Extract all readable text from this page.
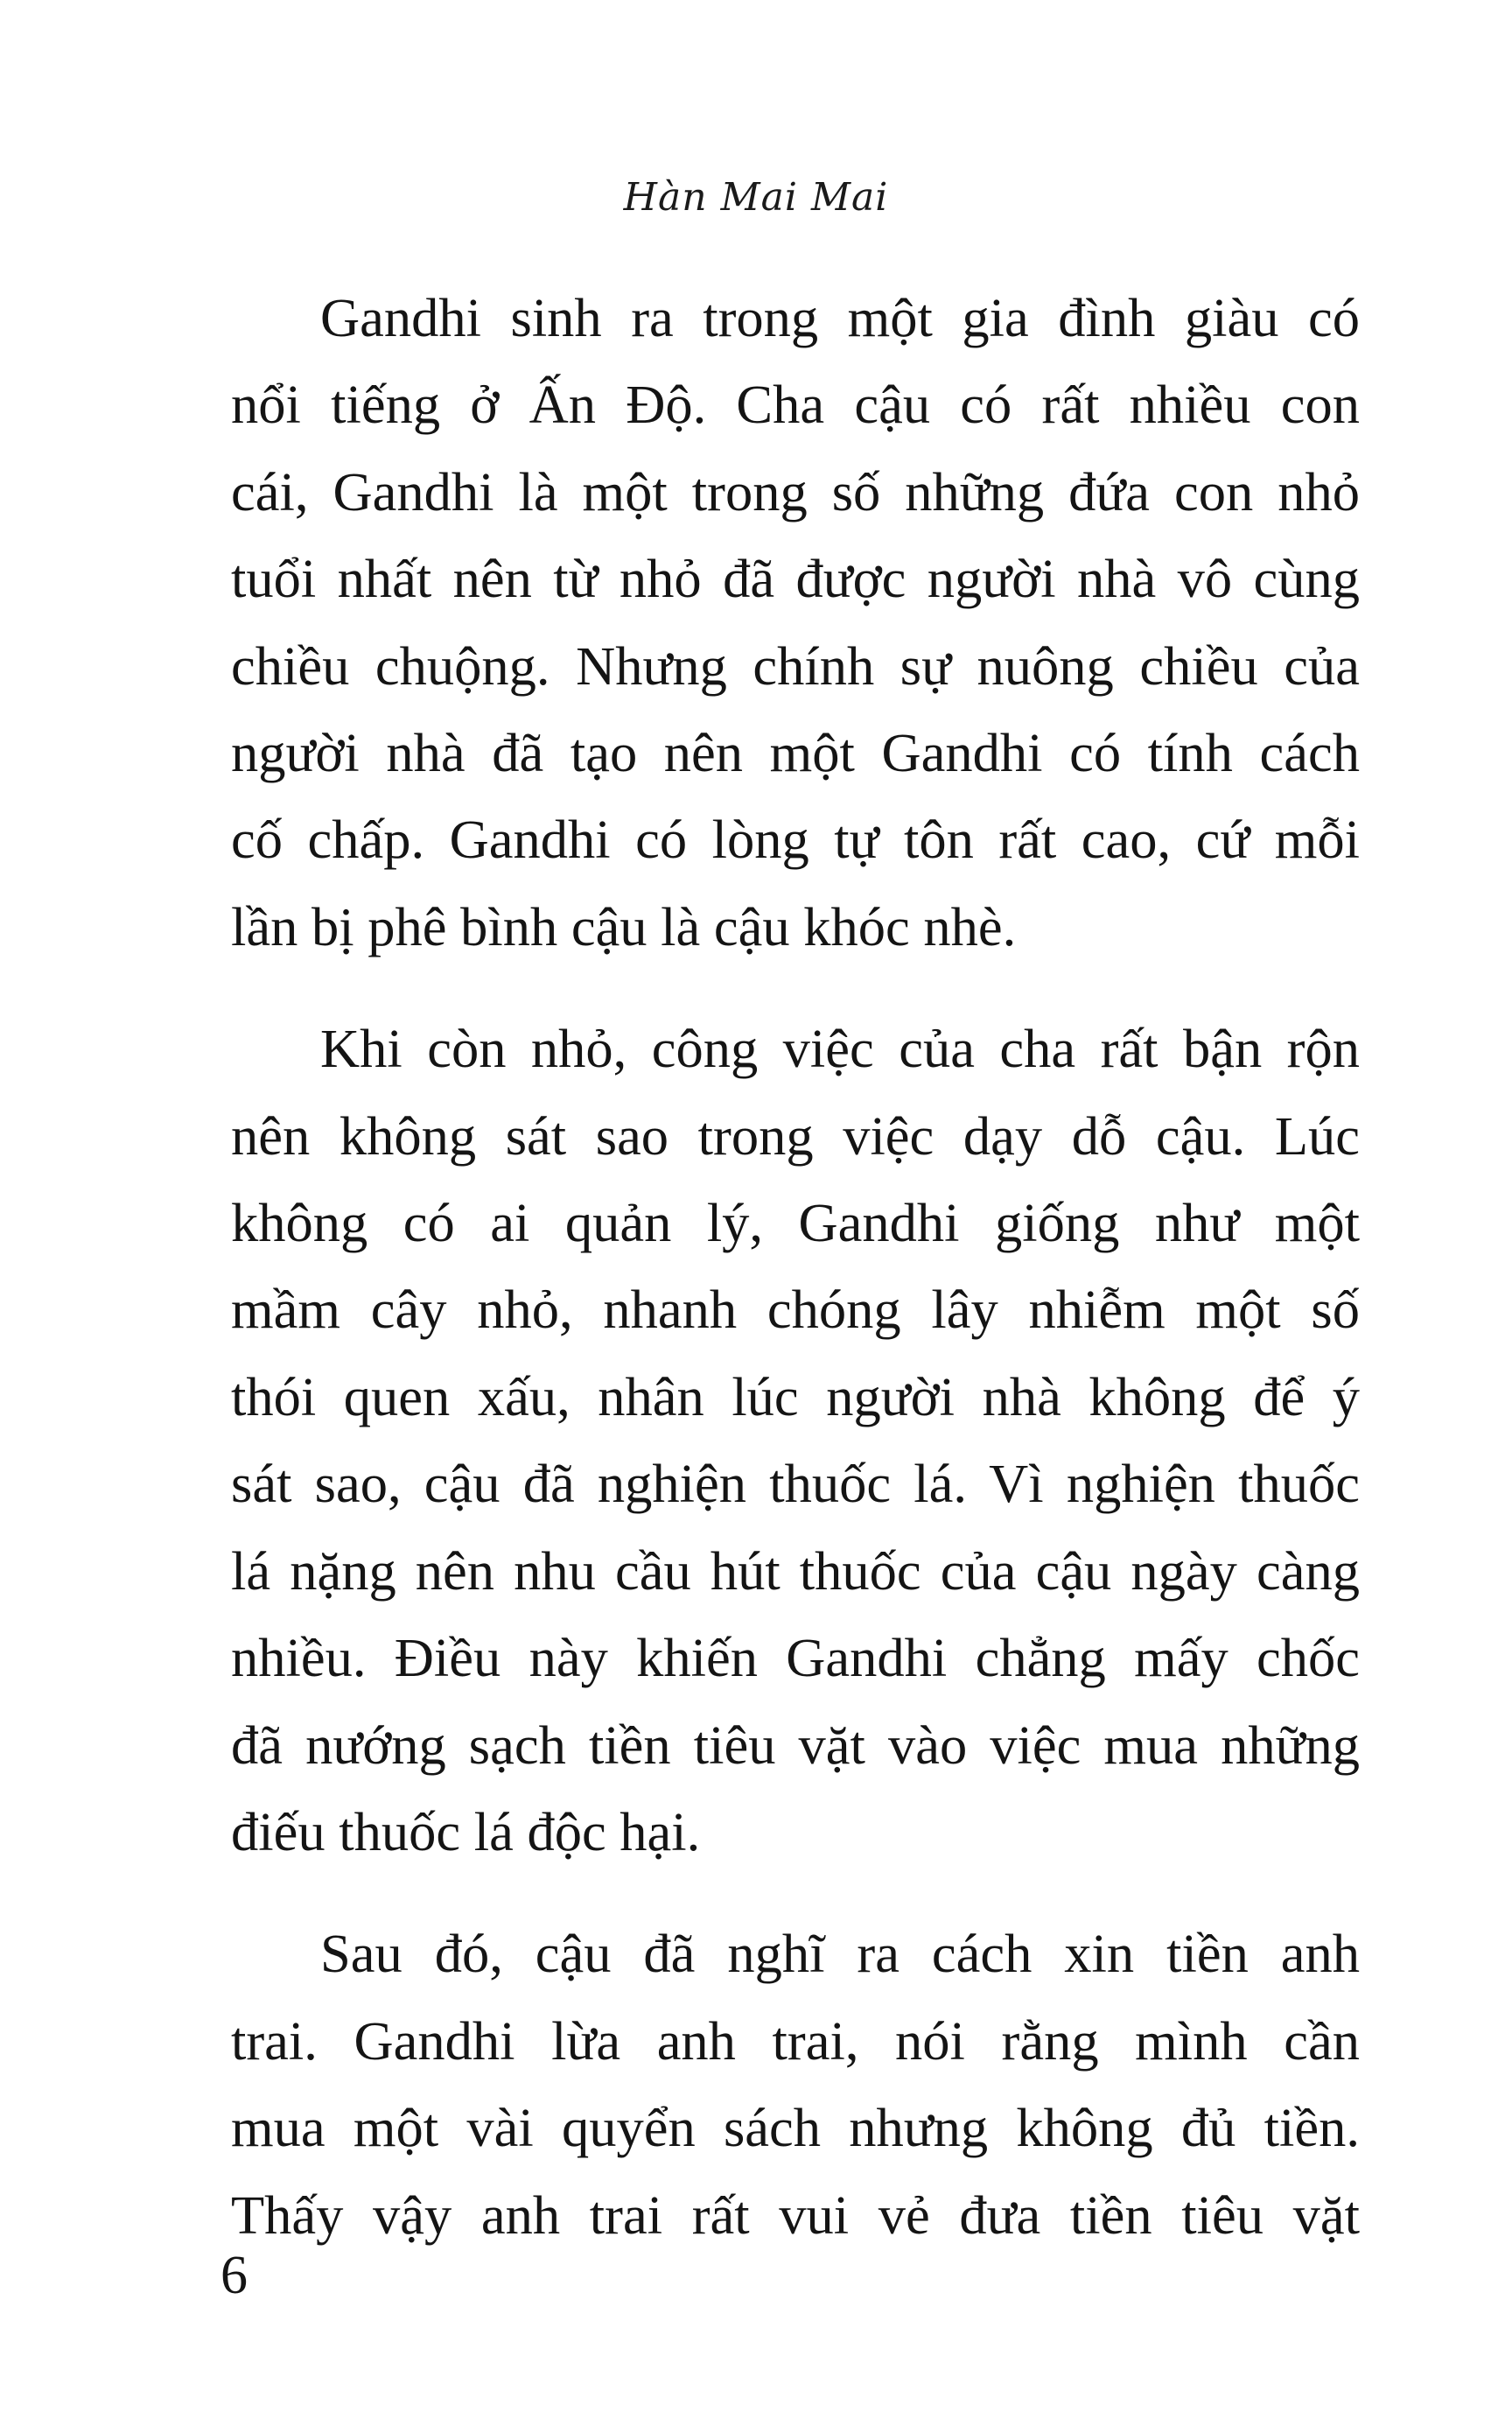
Hàn Mai Mai

Gandhi sinh ra trong một gia đình giàu có
nổi tiếng ở Ấn Độ. Cha cậu có rất nhiều con
cái, Gandhi là một trong số những đứa con nhỏ
tuổi nhất nên từ nhỏ đã được người nhà vô cùng
chiều chuộng. Nhưng chính sự nuông chiều của
người nhà đã tạo nên một Gandhi có tính cách
cố chấp. Gandhi có lòng tự tôn rất cao, cứ mỗi
lần bị phê bình cậu là cậu khóc nhè.

Khi còn nhỏ, công việc của cha rất bận rộn
nên không sát sao trong việc dạy dỗ cậu. Lúc
không có ai quản lý, Gandhi giống như một
mầm cây nhỏ, nhanh chóng lây nhiễm một số
thói quen xấu, nhân lúc người nhà không để ý
sát sao, cậu đã nghiện thuốc lá. Vì nghiện thuốc
lá nặng nên nhu cầu hút thuốc của cậu ngày càng
nhiều. Điều này khiến Gandhi chẳng mấy chốc
đã nướng sạch tiền tiêu vặt vào việc mua những
điếu thuốc lá độc hại.

Sau đó, cậu đã nghĩ ra cách xin tiền anh
trai. Gandhi lừa anh trai, nói rằng mình cần
mua một vài quyển sách nhưng không đủ tiền.
Thấy vậy anh trai rất vui vẻ đưa tiền tiêu vặt

6
